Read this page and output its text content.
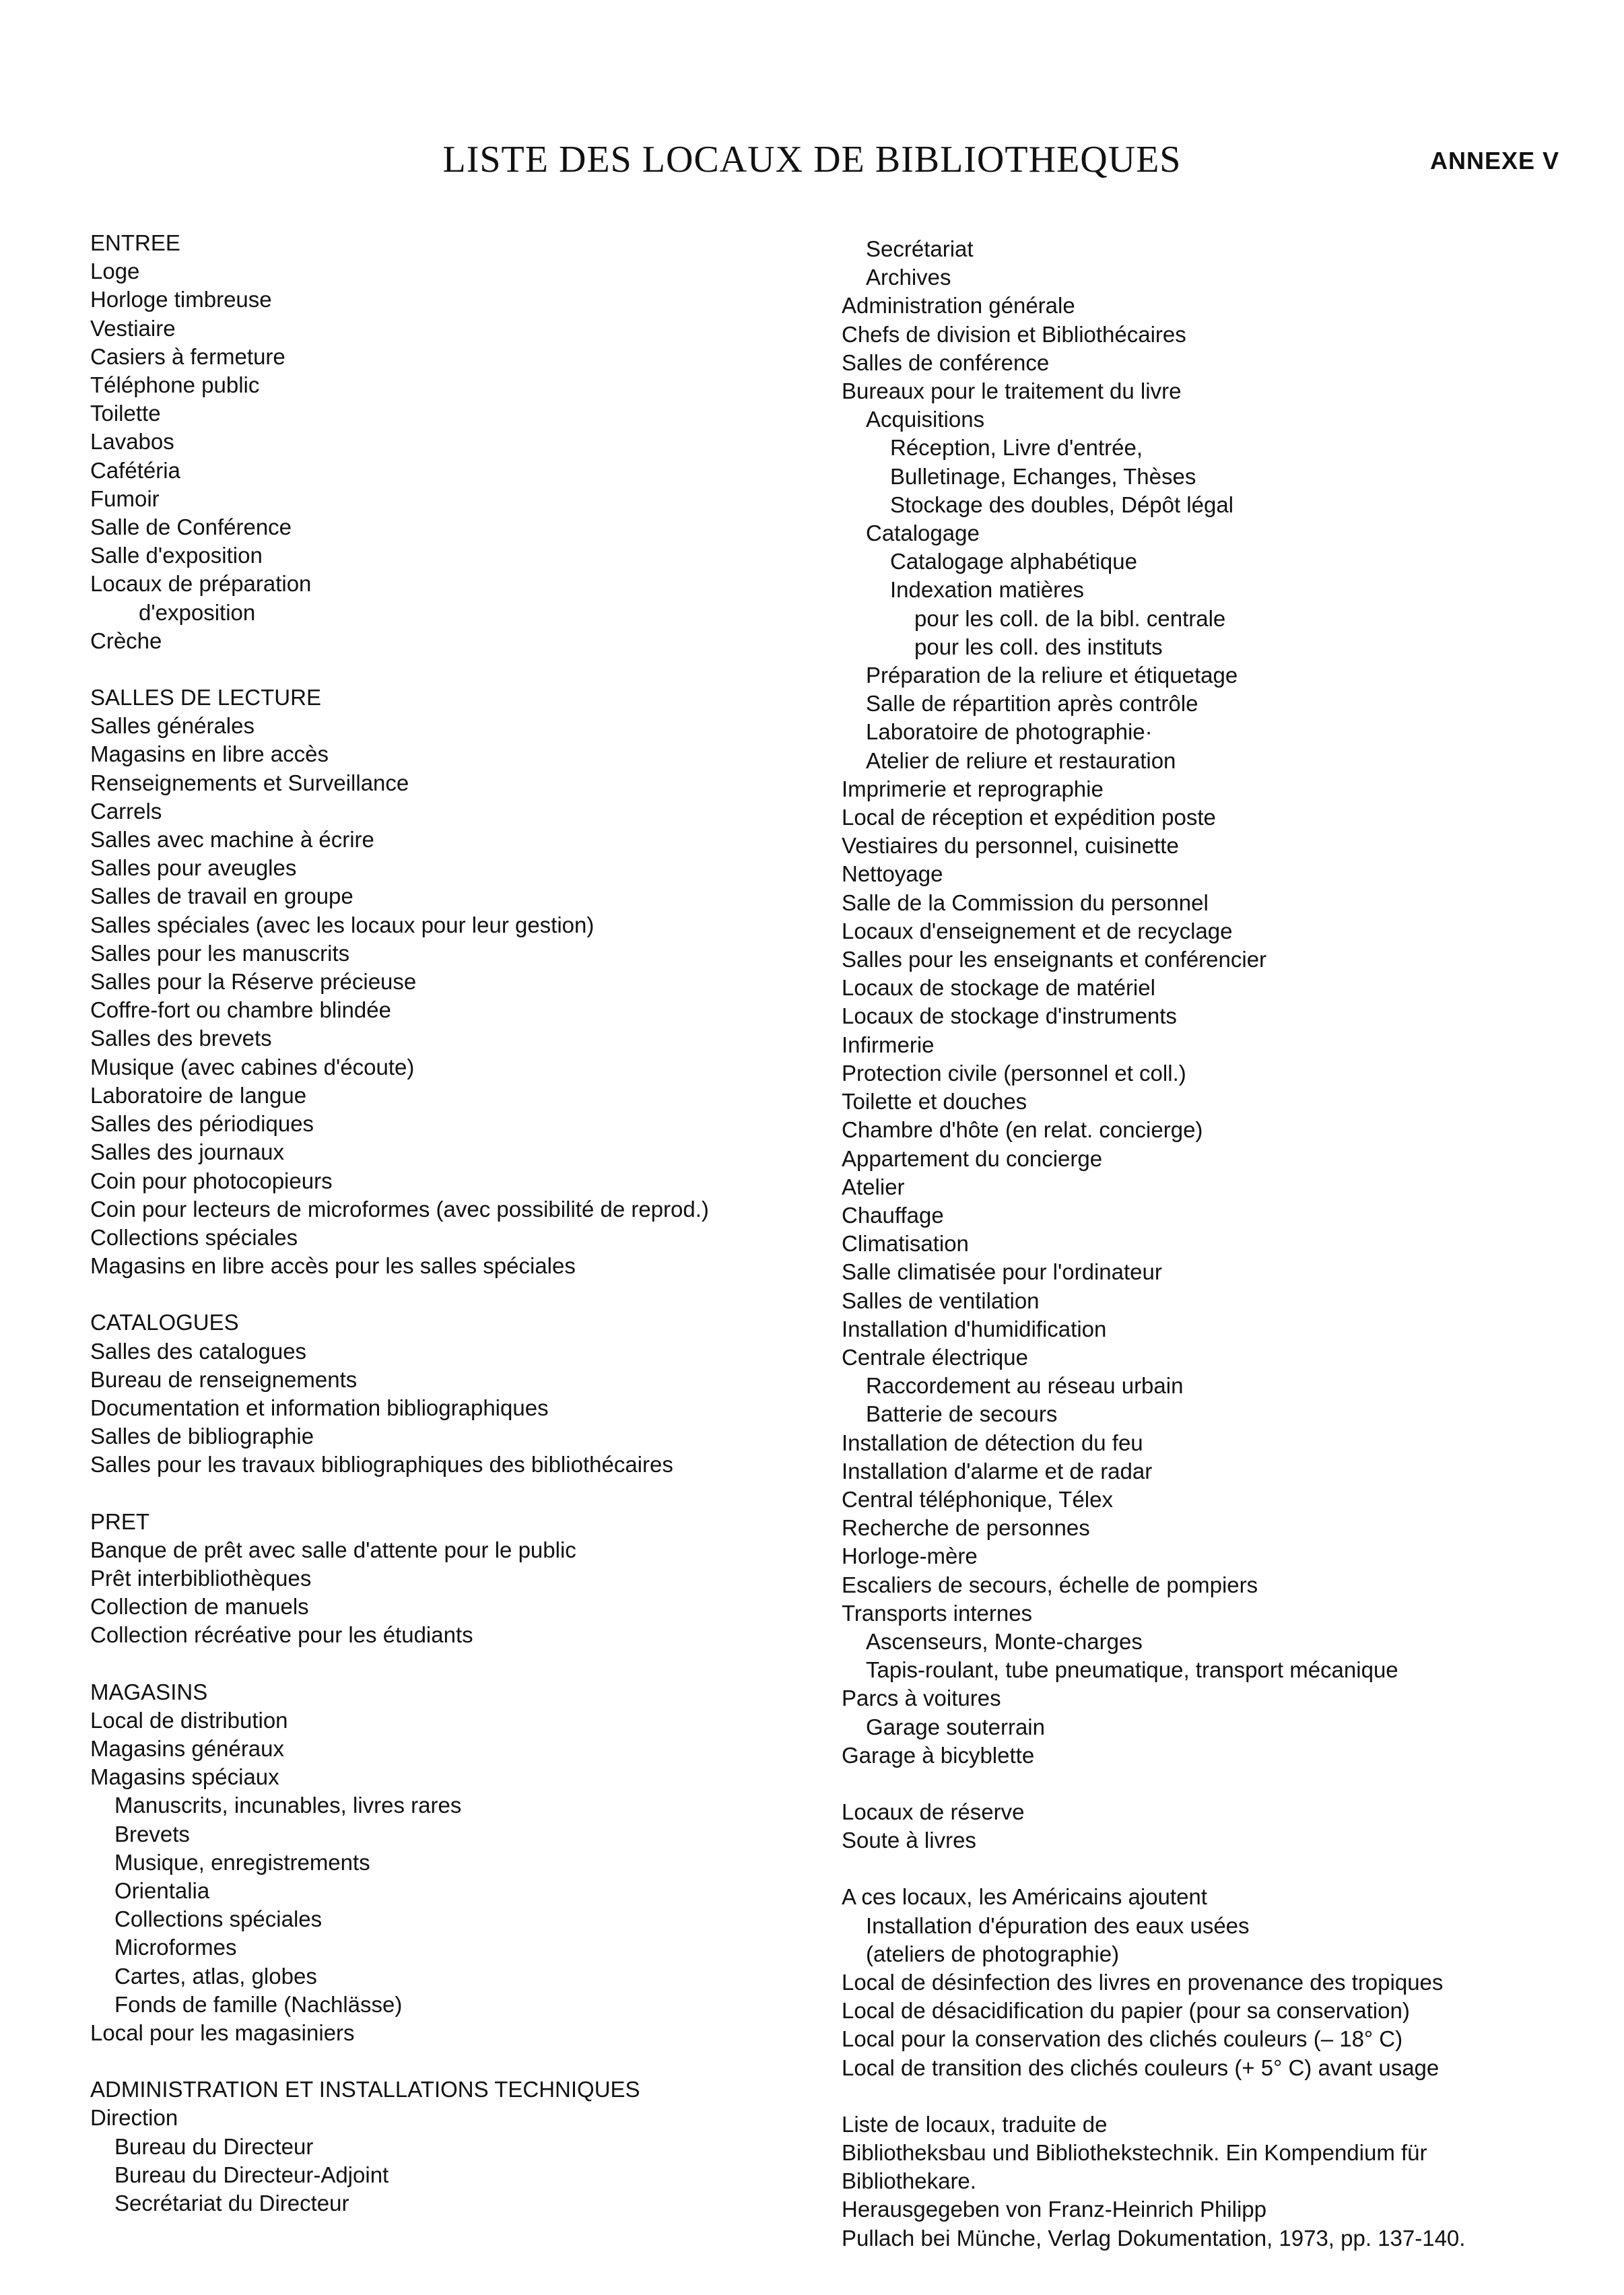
LISTE DES LOCAUX DE BIBLIOTHEQUES	ANNEXE V
ENTREE
Loge
Horloge timbreuse
Vestiaire
Casiers à fermeture
Téléphone public
Toilette
Lavabos
Cafétéria
Fumoir
Salle de Conférence
Salle d'exposition
Locaux de préparation
d'exposition
Crèche
SALLES DE LECTURE
Salles générales
Magasins en libre accès
Renseignements et Surveillance
Carrels
Salles avec machine à écrire
Salles pour aveugles
Salles de travail en groupe
Salles spéciales (avec les locaux pour leur gestion)
Salles pour les manuscrits
Salles pour la Réserve précieuse
Coffre-fort ou chambre blindée
Salles des brevets
Musique (avec cabines d'écoute)
Laboratoire de langue
Salles des périodiques
Salles des journaux
Coin pour photocopieurs
Coin pour lecteurs de microformes (avec possibilité de reprod.)
Collections spéciales
Magasins en libre accès pour les salles spéciales
CATALOGUES
Salles des catalogues
Bureau de renseignements
Documentation et information bibliographiques
Salles de bibliographie
Salles pour les travaux bibliographiques des bibliothécaires
PRET
Banque de prêt avec salle d'attente pour le public
Prêt interbibliothèques
Collection de manuels
Collection récréative pour les étudiants
MAGASINS
Local de distribution
Magasins généraux
Magasins spéciaux
Manuscrits, incunables, livres rares
Brevets
Musique, enregistrements
Orientalia
Collections spéciales
Microformes
Cartes, atlas, globes
Fonds de famille (Nachlässe)
Local pour les magasiniers
ADMINISTRATION ET INSTALLATIONS TECHNIQUES
Direction
Bureau du Directeur
Bureau du Directeur-Adjoint
Secrétariat du Directeur
Secrétariat
Archives
Administration générale
Chefs de division et Bibliothécaires
Salles de conférence
Bureaux pour le traitement du livre
Acquisitions
Réception, Livre d'entrée,
Bulletinage, Echanges, Thèses
Stockage des doubles, Dépôt légal
Catalogage
Catalogage alphabétique
Indexation matières
pour les coll. de la bibl. centrale
pour les coll. des instituts
Préparation de la reliure et étiquetage
Salle de répartition après contrôle
Laboratoire de photographie·
Atelier de reliure et restauration
Imprimerie et reprographie
Local de réception et expédition poste
Vestiaires du personnel, cuisinette
Nettoyage
Salle de la Commission du personnel
Locaux d'enseignement et de recyclage
Salles pour les enseignants et conférencier
Locaux de stockage de matériel
Locaux de stockage d'instruments
Infirmerie
Protection civile (personnel et coll.)
Toilette et douches
Chambre d'hôte (en relat. concierge)
Appartement du concierge
Atelier
Chauffage
Climatisation
Salle climatisée pour l'ordinateur
Salles de ventilation
Installation d'humidification
Centrale électrique
Raccordement au réseau urbain
Batterie de secours
Installation de détection du feu
Installation d'alarme et de radar
Central téléphonique, Télex
Recherche de personnes
Horloge-mère
Escaliers de secours, échelle de pompiers
Transports internes
Ascenseurs, Monte-charges
Tapis-roulant, tube pneumatique, transport mécanique
Parcs à voitures
Garage souterrain
Garage à bicyblette
Locaux de réserve
Soute à livres
A ces locaux, les Américains ajoutent
Installation d'épuration des eaux usées
(ateliers de photographie)
Local de désinfection des livres en provenance des tropiques
Local de désacidification du papier (pour sa conservation)
Local pour la conservation des clichés couleurs (– 18° C)
Local de transition des clichés couleurs (+ 5° C) avant usage
Liste de locaux, traduite de
Bibliotheksbau und Bibliothekstechnik. Ein Kompendium für
Bibliothekare.
Herausgegeben von Franz-Heinrich Philipp
Pullach bei Münche, Verlag Dokumentation, 1973, pp. 137-140.
